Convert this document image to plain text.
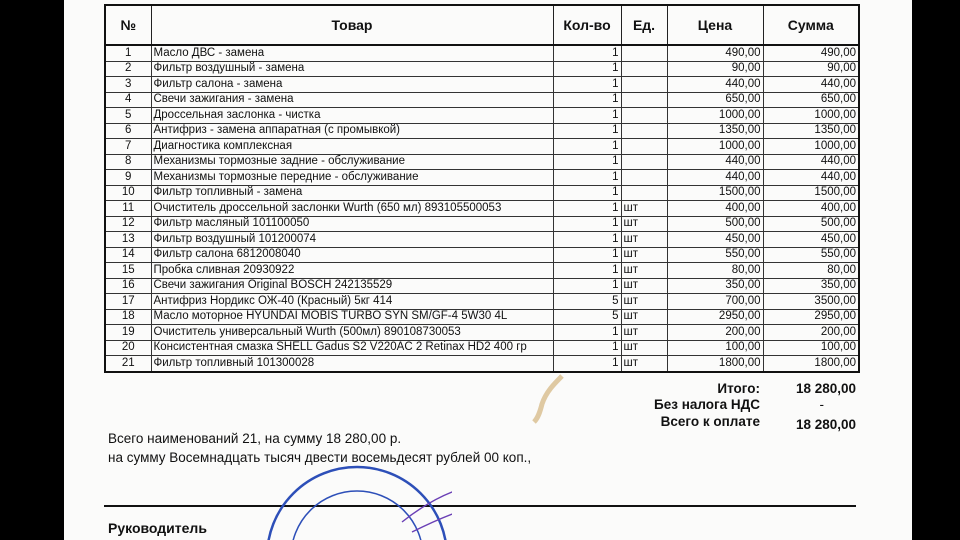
№	Товар	Кол-во	Ед.	Цена	Сумма
1	Масло ДВС - замена	1		490,00	490,00
2	Фильтр воздушный - замена	1		90,00	90,00
3	Фильтр салона - замена	1		440,00	440,00
4	Свечи зажигания - замена	1		650,00	650,00
5	Дроссельная заслонка - чистка	1		1000,00	1000,00
6	Антифриз - замена аппаратная (с промывкой)	1		1350,00	1350,00
7	Диагностика комплексная	1		1000,00	1000,00
8	Механизмы тормозные задние - обслуживание	1		440,00	440,00
9	Механизмы тормозные передние - обслуживание	1		440,00	440,00
10	Фильтр топливный - замена	1		1500,00	1500,00
11	Очиститель дроссельной заслонки Wurth (650 мл) 893105500053	1	шт	400,00	400,00
12	Фильтр масляный 101100050	1	шт	500,00	500,00
13	Фильтр воздушный 101200074	1	шт	450,00	450,00
14	Фильтр салона 6812008040	1	шт	550,00	550,00
15	Пробка сливная 20930922	1	шт	80,00	80,00
16	Свечи зажигания Original BOSCH 242135529	1	шт	350,00	350,00
17	Антифриз Нордикс ОЖ-40 (Красный) 5кг 414	5	шт	700,00	3500,00
18	Масло моторное HYUNDAI MOBIS TURBO SYN SM/GF-4 5W30 4L	5	шт	2950,00	2950,00
19	Очиститель универсальный Wurth (500мл) 890108730053	1	шт	200,00	200,00
20	Консистентная смазка SHELL Gadus S2 V220AC 2 Retinax HD2 400 гр	1	шт	100,00	100,00
21	Фильтр топливный 101300028	1	шт	1800,00	1800,00
Итого:	18 280,00
Без налога НДС	-
Всего к оплате	18 280,00
Всего наименований 21, на сумму 18 280,00 р.
на сумму Восемнадцать тысяч двести восемьдесят рублей 00 коп.,
Руководитель
